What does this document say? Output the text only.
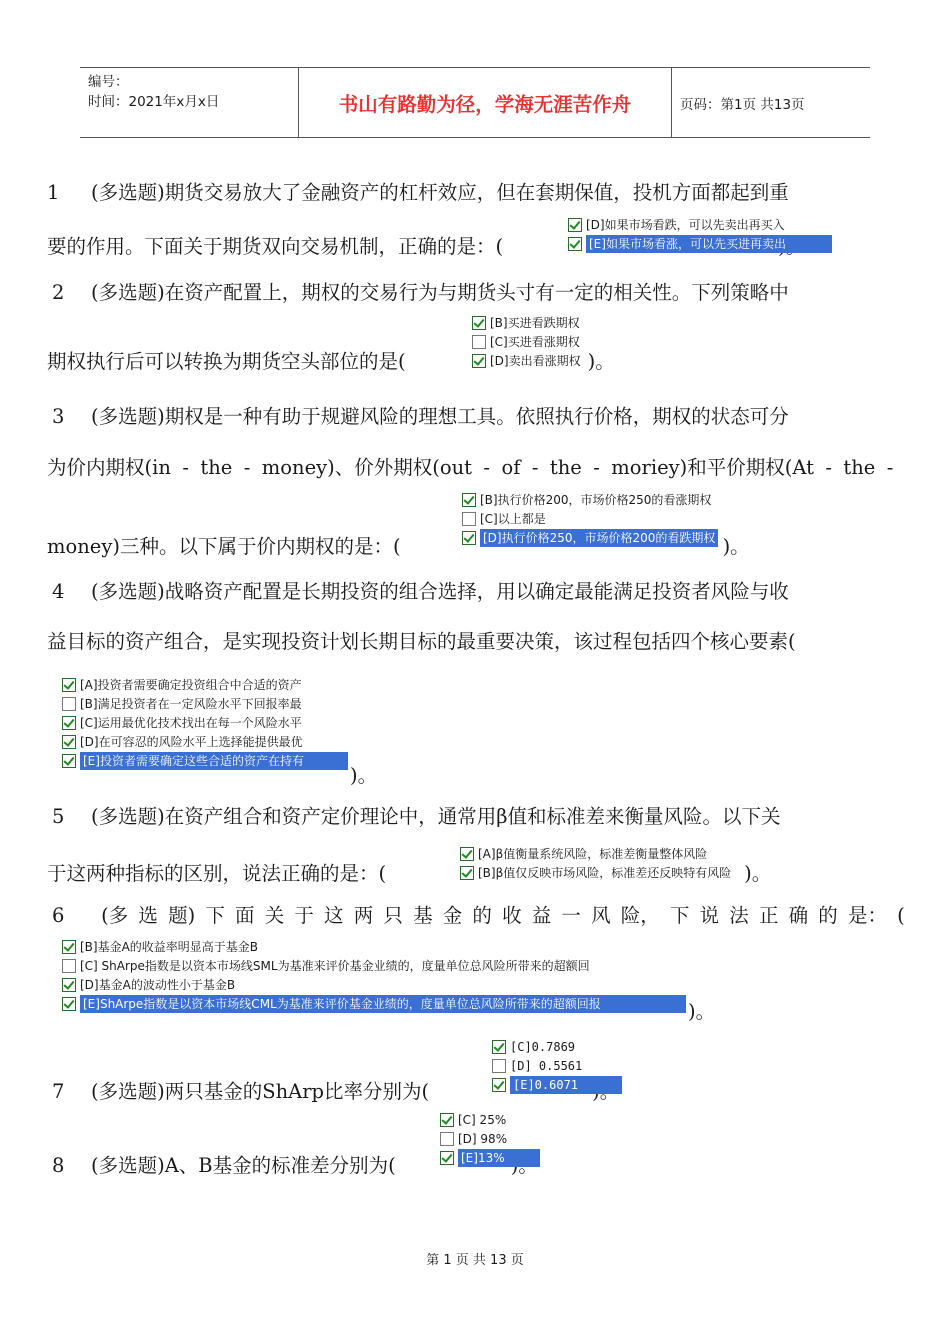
编号：
时间：2021年x月x日	书山有路勤为径，学海无涯苦作舟	页码：第1页 共13页
1 (多选题)期货交易放大了金融资产的杠杆效应，但在套期保值，投机方面都起到重
要的作用。下面关于期货双向交易机制，正确的是：(
[D]如果市场看跌，可以先卖出再买入
[E]如果市场看涨，可以先买进再卖出
2 (多选题)在资产配置上，期权的交易行为与期货头寸有一定的相关性。下列策略中
期权执行后可以转换为期货空头部位的是(	)。
[B]买进看跌期权
[C]买进看涨期权
[D]卖出看涨期权
3 (多选题)期权是一种有助于规避风险的理想工具。依照执行价格，期权的状态可分
为价内期权(in - the - money)、价外期权(out - of - the - moriey)和平价期权(At - the -
money)三种。以下属于价内期权的是：(	)。
[B]执行价格200，市场价格250的看涨期权
[C]以上都是
[D]执行价格250，市场价格200的看跌期权
4 (多选题)战略资产配置是长期投资的组合选择，用以确定最能满足投资者风险与收
益目标的资产组合，是实现投资计划长期目标的最重要决策，该过程包括四个核心要素(
[A]投资者需要确定投资组合中合适的资产
[B]满足投资者在一定风险水平下回报率最
[C]运用最优化技术找出在每一个风险水平
[D]在可容忍的风险水平上选择能提供最优
[E]投资者需要确定这些合适的资产在持有
)。
5 (多选题)在资产组合和资产定价理论中，通常用β值和标准差来衡量风险。以下关
于这两种指标的区别，说法正确的是：(	)。
[A]β值衡量系统风险，标准差衡量整体风险
[B]β值仅反映市场风险，标准差还反映特有风险
6	(多 选 题) 下 面 关 于 这 两 只 基 金 的 收 益 一 风 险， 下 说 法 正 确 的 是： (
[B]基金A的收益率明显高于基金B
[C] ShArpe指数是以资本市场线SML为基准来评价基金业绩的，度量单位总风险所带来的超额回
[D]基金A的波动性小于基金B
[E]ShArpe指数是以资本市场线CML为基准来评价基金业绩的，度量单位总风险所带来的超额回报	)。
7 (多选题)两只基金的ShArp比率分别为(
[C]0.7869
[D] 0.5561
[E]0.6071
8 (多选题)A、B基金的标准差分别为(
[C] 25%
[D] 98%
[E]13%
第 1 页 共 13 页
